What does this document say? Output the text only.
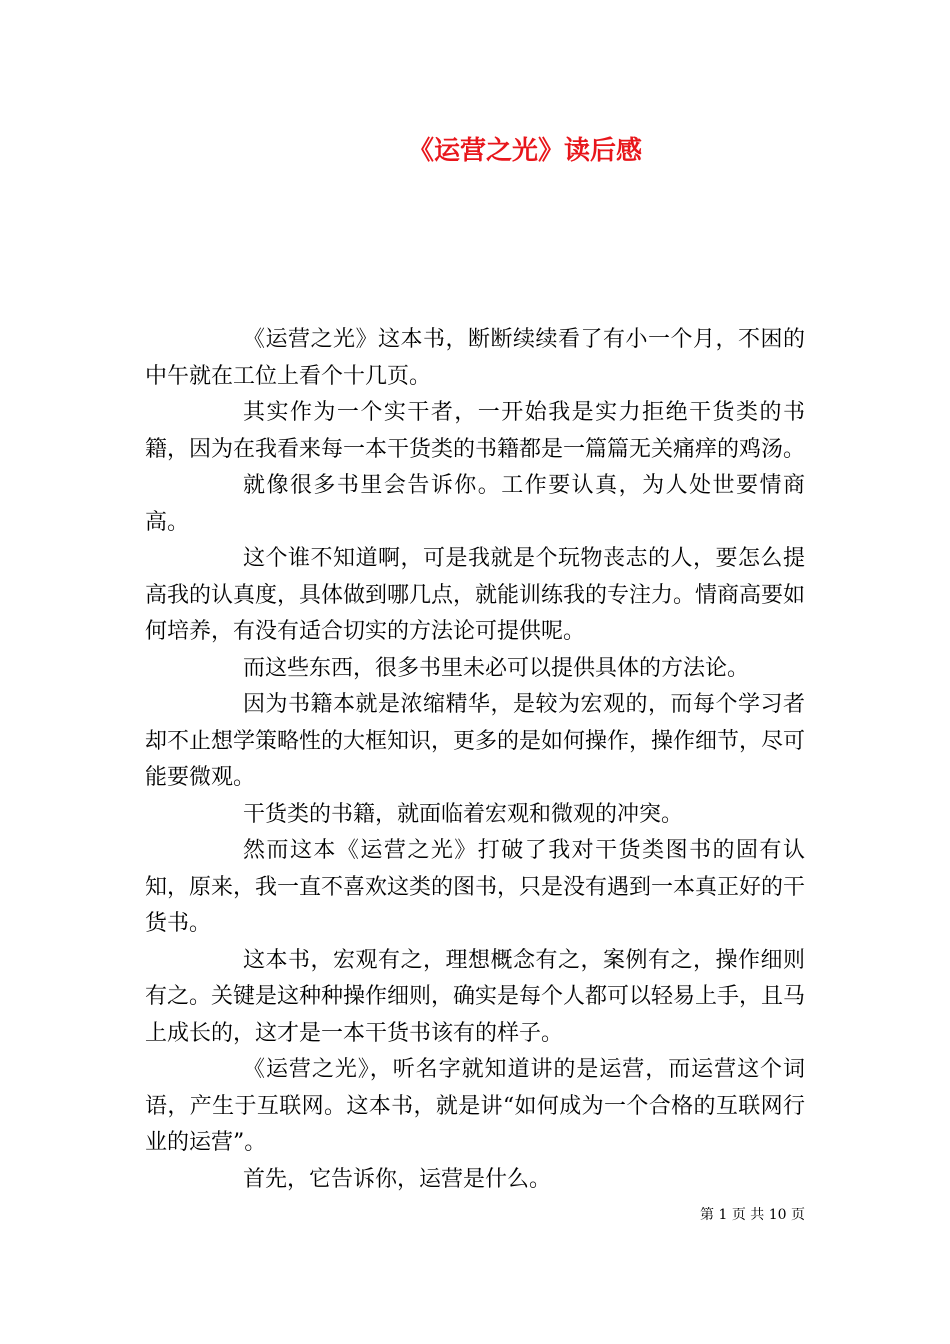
《运营之光》读后感

《运营之光》这本书，断断续续看了有小一个月，不困的中午就在工位上看个十几页。

其实作为一个实干者，一开始我是实力拒绝干货类的书籍，因为在我看来每一本干货类的书籍都是一篇篇无关痛痒的鸡汤。

就像很多书里会告诉你。工作要认真，为人处世要情商高。

这个谁不知道啊，可是我就是个玩物丧志的人，要怎么提高我的认真度，具体做到哪几点，就能训练我的专注力。情商高要如何培养，有没有适合切实的方法论可提供呢。

而这些东西，很多书里未必可以提供具体的方法论。

因为书籍本就是浓缩精华，是较为宏观的，而每个学习者却不止想学策略性的大框知识，更多的是如何操作，操作细节，尽可能要微观。

干货类的书籍，就面临着宏观和微观的冲突。

然而这本《运营之光》打破了我对干货类图书的固有认知，原来，我一直不喜欢这类的图书，只是没有遇到一本真正好的干货书。

这本书，宏观有之，理想概念有之，案例有之，操作细则有之。关键是这种种操作细则，确实是每个人都可以轻易上手，且马上成长的，这才是一本干货书该有的样子。

《运营之光》，听名字就知道讲的是运营，而运营这个词语，产生于互联网。这本书，就是讲“如何成为一个合格的互联网行业的运营”。

首先，它告诉你，运营是什么。

第 1 页 共 10 页
